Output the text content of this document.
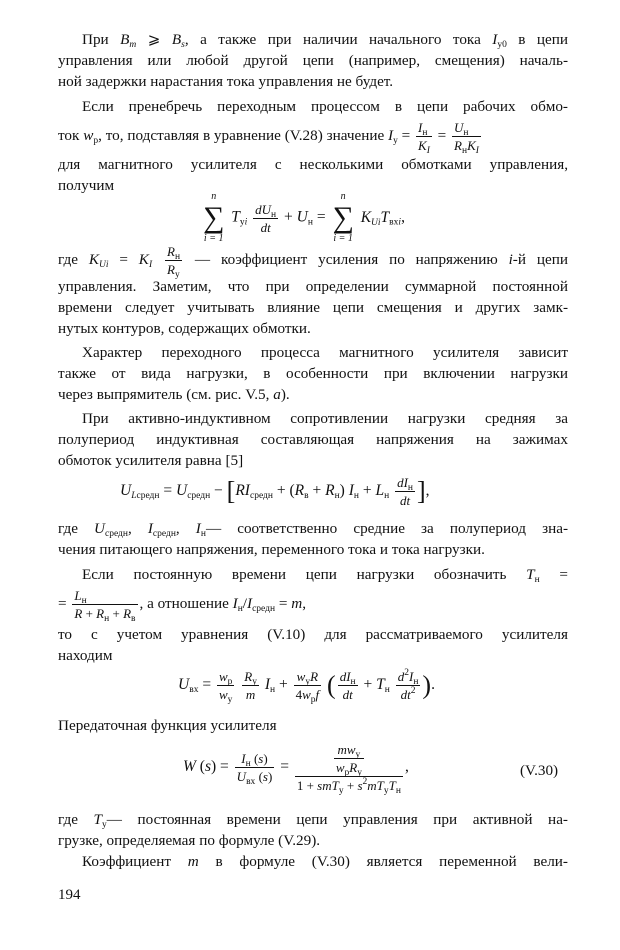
При $B_m$ ⩾ $B_s$, а также при наличии начального тока $I_{y0}$ в цепи
управления или любой другой цепи (например, смещения) началь-
ной задержки нарастания тока управления не будет.
Если пренебречь переходным процессом в цепи рабочих обмо-
ток $w_р$, то, подставляя в уравнение (V.28) значение $I_y = I_н$
$K_I$
= $U_н$
$R_нK_I$
для магнитного усилителя с несколькими обмотками управления,
получим
n
∑
i = 1
$T_{yi}$
$dU_н$
dt
+ $U_н$ =
n
∑
i = 1
$K_{Ui}T_{вхi}$,
где $K_{Ui} = K_I$
$R_н$
$R_y$
— коэффициент усиления по напряжению i-й цепи
управления. Заметим, что при определении суммарной постоянной
времени следует учитывать влияние цепи смещения и других замк-
нутых контуров, содержащих обмотки.
Характер переходного процесса магнитного усилителя зависит
также от вида нагрузки, в особенности при включении нагрузки
через выпрямитель (см. рис. V.5, а).
При активно-индуктивном сопротивлении нагрузки средняя за
полупериод индуктивная составляющая напряжения на зажимах
обмоток усилителя равна [5]
$U_{Lсредн} = U_{средн} - [RI_{средн} + (R_в + R_н) I_н + L_н$
$dI_н$
dt ],
где $U_{средн}$, $I_{средн}$, $I_н—$ соответственно средние за полупериод зна-
чения питающего напряжения, переменного тока и тока нагрузки.
Если постоянную времени цепи нагрузки обозначить $T_н$ =
= $L_н$
$R + R_н + R_в$
, а отношение $I_н/I_{средн} = m$,
то с учетом уравнения (V.10) для рассматриваемого усилителя
находим
$U_{вх} = w_р$
$w_y$
$\frac{R_y}{m} I_н + w_yR$
$4w_рf$ ( $dI_н$
dt
+ $T_н$
$d^2I_н$
$dt^2$ ).
Передаточная функция усилителя
W $(s) = I_н$ (s)
$U_{вх}$ (s)
=
$mw_y$
$w_рR_y$
$1 + smT_y + s^2mT_yT_н$
,	(V.30)
где $T_y—$ постоянная времени цепи управления при активной на-
грузке, определяемая по формуле (V.29).
Коэффициент m в формуле (V.30) является переменной вели-
194
